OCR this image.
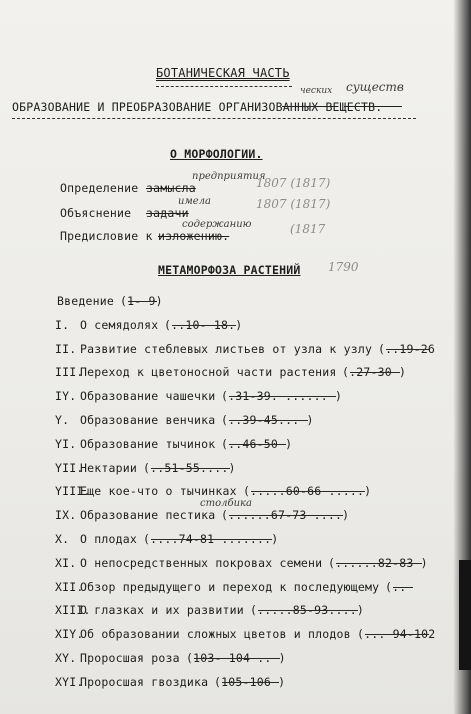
БОТАНИЧЕСКАЯ ЧАСТЬ
ческих существ
ОБРАЗОВАНИЕ И ПРЕОБРАЗОВАНИЕ ОРГАНИЗОВАННЫХ ВЕЩЕСТВ.
О МОРФОЛОГИИ.
Определение замысла
предприятия
1807 (1817)
Объяснение задачи
имела	1807 (1817)
Предисловие к изложению.
содержанию	(1817
МЕТАМОРФОЗА РАСТЕНИЙ 1790
Введение (1- 9)
I. О семядолях (..10- 18.)
II. Развитие стеблевых листьев от узла к узлу (..19-26
III.
Переход к цветоносной части растения (.27-30 )
IY. Образование чашечки (.31-39. ...... )
Y. Образование венчика (..39-45... )
YI. Образование тычинок (..46-50 )
YII.
Нектарии (..51-55....)
YIII.
Еще кое-что о тычинках (.....60-66 .....)
IX. Образование пестика
столбика
(......67-73 ....)
X. О плодах (....74-81 .......)
XI. О непосредственных покровах семени (......82-83 )
XII.
Обзор предыдущего и переход к последующему (..
XIII.
О глазках и их развитии (.....85-93....)
XIY.
Об образовании сложных цветов и плодов (... 94-102
XY. Проросшая роза (103- 104 .. )
XYI.
Проросшая гвоздика (105-106 )
